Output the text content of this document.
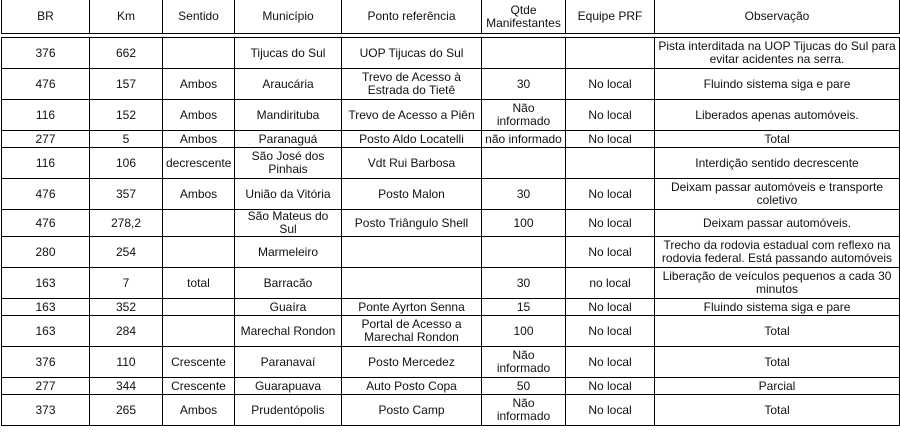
BR	Km	Sentido	Município	Ponto referência	Qtde Manifestantes	Equipe PRF	Observação

376	662		Tijucas do Sul	UOP Tijucas do Sul			Pista interditada na UOP Tijucas do Sul para evitar acidentes na serra.
476	157	Ambos	Araucária	Trevo de Acesso à Estrada do Tietê	30	No local	Fluindo sistema siga e pare
116	152	Ambos	Mandirituba	Trevo de Acesso a Piên	Não informado	No local	Liberados apenas automóveis.
277	5	Ambos	Paranaguá	Posto Aldo Locatelli	não informado	No local	Total
116	106	decrescente	São José dos Pinhais	Vdt Rui Barbosa			Interdição sentido decrescente
476	357	Ambos	União da Vitória	Posto Malon	30	No local	Deixam passar automóveis e transporte coletivo
476	278,2		São Mateus do Sul	Posto Triângulo Shell	100	No local	Deixam passar automóveis.
280	254		Marmeleiro			No local	Trecho da rodovia estadual com reflexo na rodovia federal. Está passando automóveis
163	7	total	Barracão		30	no local	Liberação de veículos pequenos a cada 30 minutos
163	352		Guaíra	Ponte Ayrton Senna	15	No local	Fluindo sistema siga e pare
163	284		Marechal Rondon	Portal de Acesso a Marechal Rondon	100	No local	Total
376	110	Crescente	Paranavaí	Posto Mercedez	Não informado	No local	Total
277	344	Crescente	Guarapuava	Auto Posto Copa	50	No local	Parcial
373	265	Ambos	Prudentópolis	Posto Camp	Não informado	No local	Total
